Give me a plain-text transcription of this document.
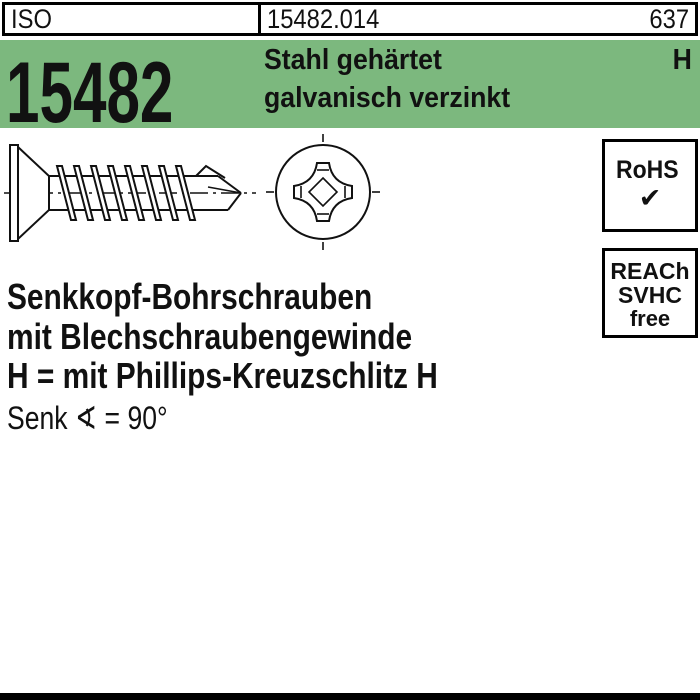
ISO	15482.014	637
15482	Stahl gehärtet
galvanisch verzinkt
H
RoHS
✔
REACh
SVHC
free
Senkkopf-Bohrschrauben
mit Blechschraubengewinde
H = mit Phillips-Kreuzschlitz H
Senk ∢ = 90°
